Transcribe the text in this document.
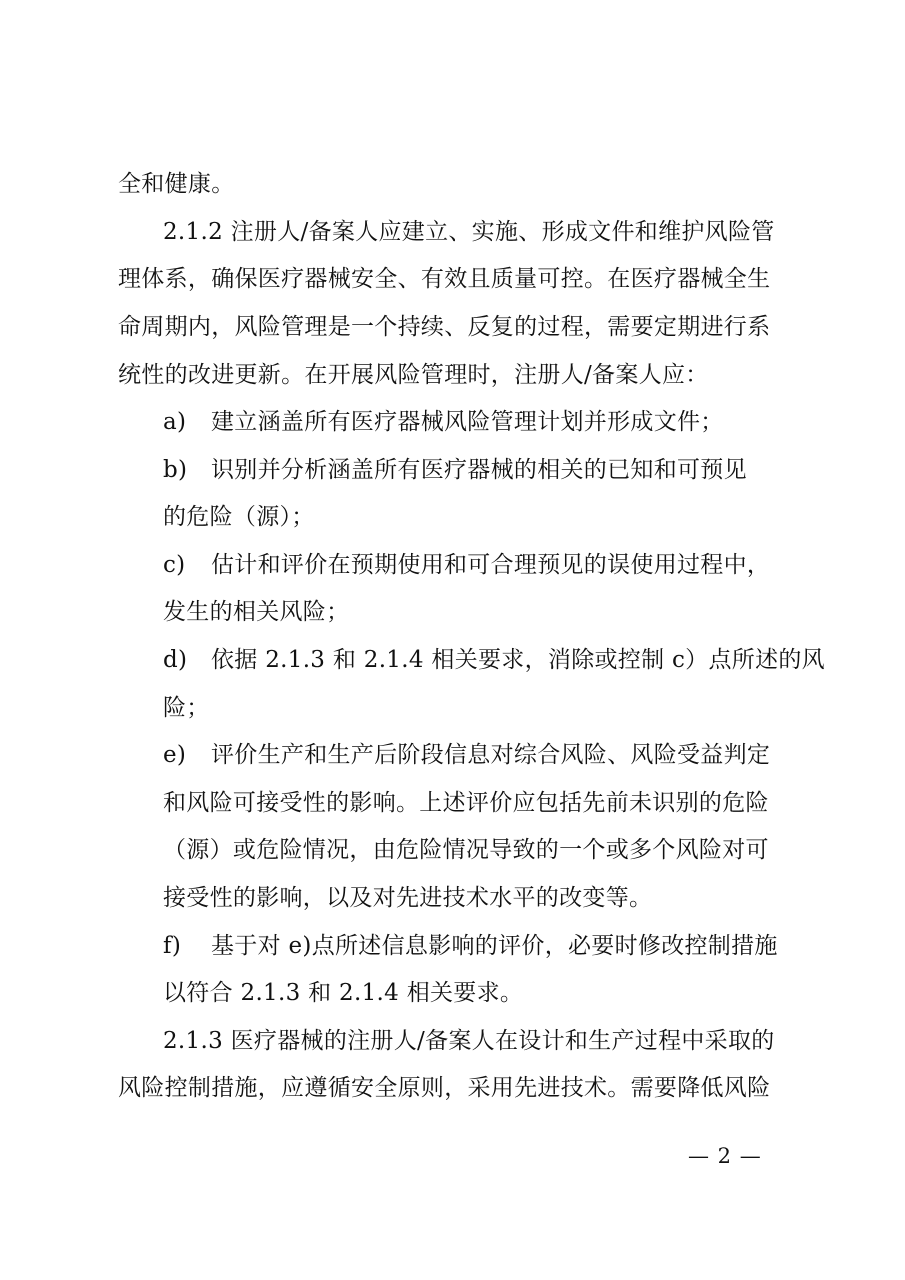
全和健康。
2.1.2 注册人/备案人应建立、实施、形成文件和维护风险管
理体系，确保医疗器械安全、有效且质量可控。在医疗器械全生
命周期内，风险管理是一个持续、反复的过程，需要定期进行系
统性的改进更新。在开展风险管理时，注册人/备案人应：
a) 建立涵盖所有医疗器械风险管理计划并形成文件；
b) 识别并分析涵盖所有医疗器械的相关的已知和可预见
的危险（源）；
c) 估计和评价在预期使用和可合理预见的误使用过程中，
发生的相关风险；
d) 依据 2.1.3 和 2.1.4 相关要求，消除或控制 c）点所述的风
险；
e) 评价生产和生产后阶段信息对综合风险、风险受益判定
和风险可接受性的影响。上述评价应包括先前未识别的危险
（源）或危险情况，由危险情况导致的一个或多个风险对可
接受性的影响，以及对先进技术水平的改变等。
f) 基于对 e)点所述信息影响的评价，必要时修改控制措施
以符合 2.1.3 和 2.1.4 相关要求。
2.1.3 医疗器械的注册人/备案人在设计和生产过程中采取的
风险控制措施，应遵循安全原则，采用先进技术。需要降低风险
— 2 —
